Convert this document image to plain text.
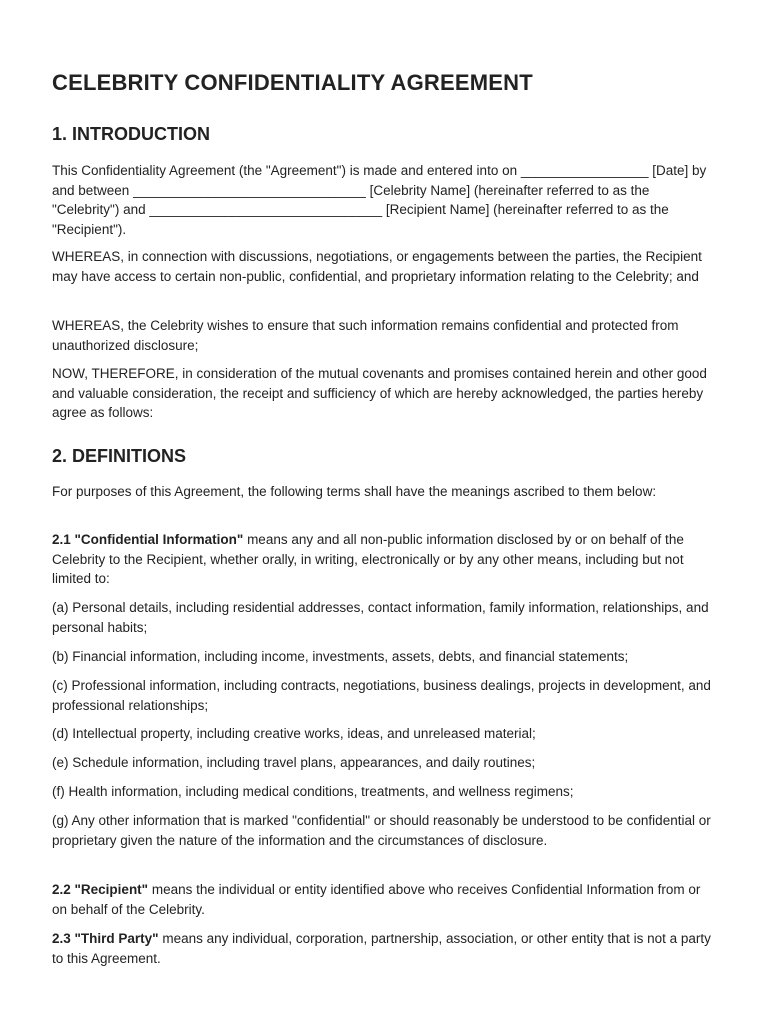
CELEBRITY CONFIDENTIALITY AGREEMENT
1. INTRODUCTION

This Confidentiality Agreement (the "Agreement") is made and entered into on _________________ [Date] by and between _______________________________ [Celebrity Name] (hereinafter referred to as the "Celebrity") and _______________________________ [Recipient Name] (hereinafter referred to as the "Recipient").

WHEREAS, in connection with discussions, negotiations, or engagements between the parties, the Recipient may have access to certain non-public, confidential, and proprietary information relating to the Celebrity; and

WHEREAS, the Celebrity wishes to ensure that such information remains confidential and protected from unauthorized disclosure;

NOW, THEREFORE, in consideration of the mutual covenants and promises contained herein and other good and valuable consideration, the receipt and sufficiency of which are hereby acknowledged, the parties hereby agree as follows:

2. DEFINITIONS

For purposes of this Agreement, the following terms shall have the meanings ascribed to them below:

2.1 "Confidential Information" means any and all non-public information disclosed by or on behalf of the Celebrity to the Recipient, whether orally, in writing, electronically or by any other means, including but not limited to:

(a) Personal details, including residential addresses, contact information, family information, relationships, and personal habits;

(b) Financial information, including income, investments, assets, debts, and financial statements;

(c) Professional information, including contracts, negotiations, business dealings, projects in development, and professional relationships;

(d) Intellectual property, including creative works, ideas, and unreleased material;

(e) Schedule information, including travel plans, appearances, and daily routines;

(f) Health information, including medical conditions, treatments, and wellness regimens;

(g) Any other information that is marked "confidential" or should reasonably be understood to be confidential or proprietary given the nature of the information and the circumstances of disclosure.

2.2 "Recipient" means the individual or entity identified above who receives Confidential Information from or on behalf of the Celebrity.

2.3 "Third Party" means any individual, corporation, partnership, association, or other entity that is not a party to this Agreement.
